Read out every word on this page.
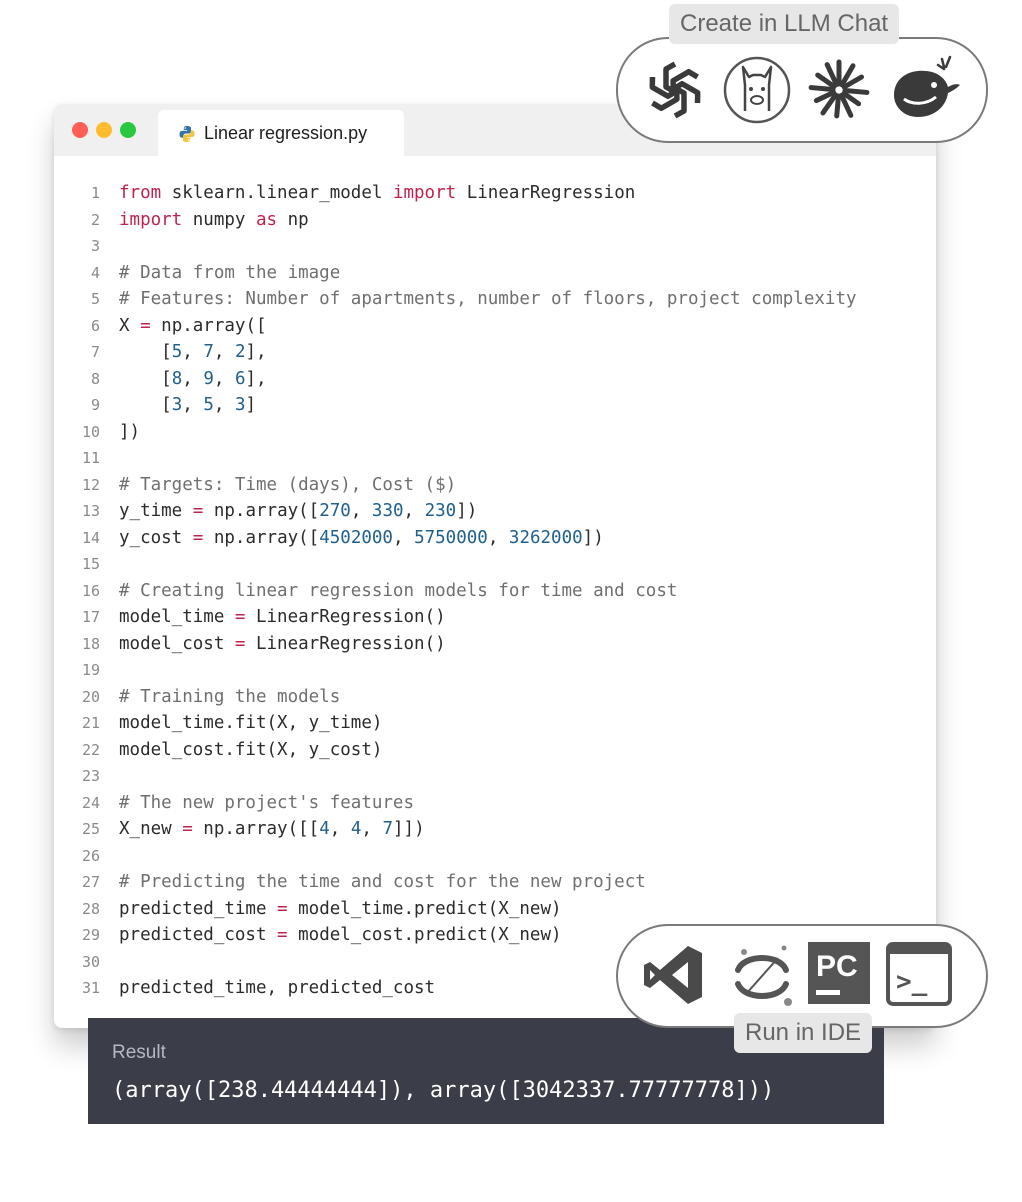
Linear regression.py
1 from sklearn.linear_model import LinearRegression
2 import numpy as np
3
4 # Data from the image
5 # Features: Number of apartments, number of floors, project complexity
6 X = np.array([
7 [5, 7, 2],
8 [8, 9, 6],
9 [3, 5, 3]
10 ])
11
12 # Targets: Time (days), Cost ($)
13 y_time = np.array([270, 330, 230])
14 y_cost = np.array([4502000, 5750000, 3262000])
15
16 # Creating linear regression models for time and cost
17 model_time = LinearRegression()
18 model_cost = LinearRegression()
19
20 # Training the models
21 model_time.fit(X, y_time)
22 model_cost.fit(X, y_cost)
23
24 # The new project's features
25 X_new = np.array([[4, 4, 7]])
26
27 # Predicting the time and cost for the new project
28 predicted_time = model_time.predict(X_new)
29 predicted_cost = model_cost.predict(X_new)
30
31 predicted_time, predicted_cost
Result
(array([238.44444444]), array([3042337.77777778]))
Create in LLM Chat
PC >_
Run in IDE
